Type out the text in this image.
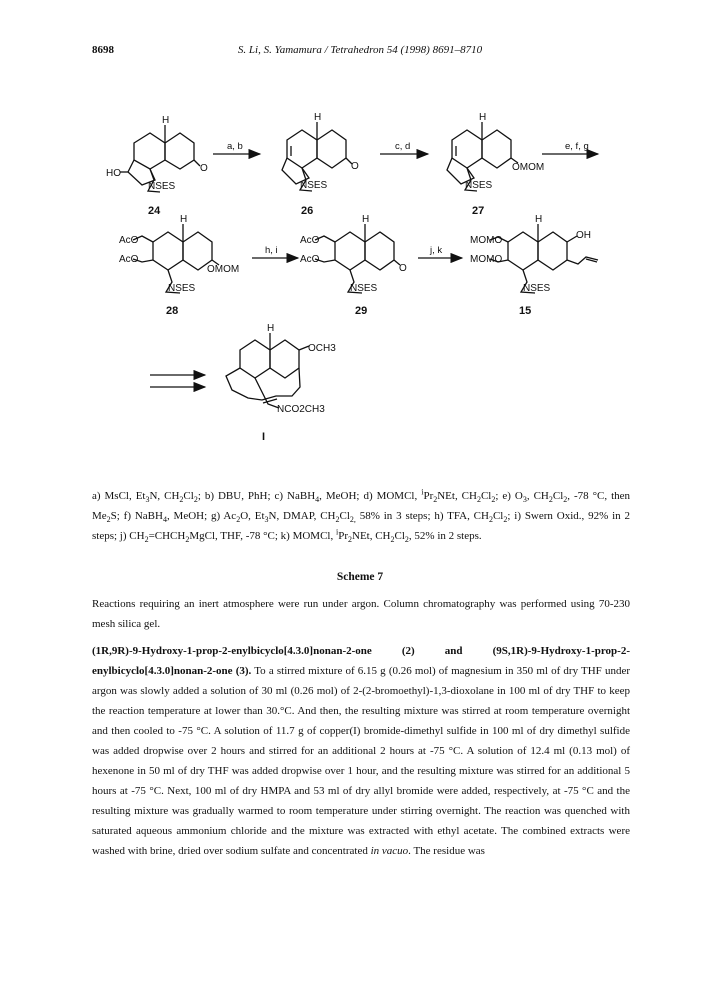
8698	S. Li, S. Yamamura / Tetrahedron 54 (1998) 8691–8710
H
O
HO
NSES
24
a, b
H
O
NSES
26
c, d
H
OMOM
NSES
27
e, f, g
AcO
AcO
H
OMOM
NSES
28
h, i
AcO
AcO
H
O
NSES
29
j, k
MOMO
MOMO
H
OH
NSES
15
H
OCH3
NCO2CH3
I
a) MsCl, $Et_3N$, $CH_2Cl_2$; b) DBU, PhH; c) NaBH$_4$, MeOH; d) MOMCl, $^iPr_2NEt$, $CH_2Cl_2$; e) $O_3$, $CH_2Cl_2$, -78 °C, then $Me_2S$; f) NaBH$_4$, MeOH; g) $Ac_2O$, $Et_3N$, DMAP, $CH_2Cl_{2,}$ 58% in 3 steps; h) TFA, $CH_2Cl_2$; i) Swern Oxid., 92% in 2 steps; j) $CH_2=CHCH_2MgCl$, THF, -78 °C; k) MOMCl, $^iPr_2NEt$, $CH_2Cl_2$, 52% in 2 steps.
Scheme 7
Reactions requiring an inert atmosphere were run under argon. Column chromatography was performed using 70-230 mesh silica gel.
(1R,9R)-9-Hydroxy-1-prop-2-enylbicyclo[4.3.0]nonan-2-one (2) and (9S,1R)-9-Hydroxy-1-prop-2-enylbicyclo[4.3.0]nonan-2-one (3). To a stirred mixture of 6.15 g (0.26 mol) of magnesium in 350 ml of dry THF under argon was slowly added a solution of 30 ml (0.26 mol) of 2-(2-bromoethyl)-1,3-dioxolane in 100 ml of dry THF to keep the reaction temperature at lower than 30.°C. And then, the resulting mixture was stirred at room temperature overnight and then cooled to -75 °C. A solution of 11.7 g of copper(I) bromide-dimethyl sulfide in 100 ml of dry dimethyl sulfide was added dropwise over 2 hours and stirred for an additional 2 hours at -75 °C. A solution of 12.4 ml (0.13 mol) of hexenone in 50 ml of dry THF was added dropwise over 1 hour, and the resulting mixture was stirred for an additional 5 hours at -75 °C. Next, 100 ml of dry HMPA and 53 ml of dry allyl bromide were added, respectively, at -75 °C and the resulting mixture was gradually warmed to room temperature under stirring overnight. The reaction was quenched with saturated aqueous ammonium chloride and the mixture was extracted with ethyl acetate. The combined extracts were washed with brine, dried over sodium sulfate and concentrated in vacuo. The residue was
